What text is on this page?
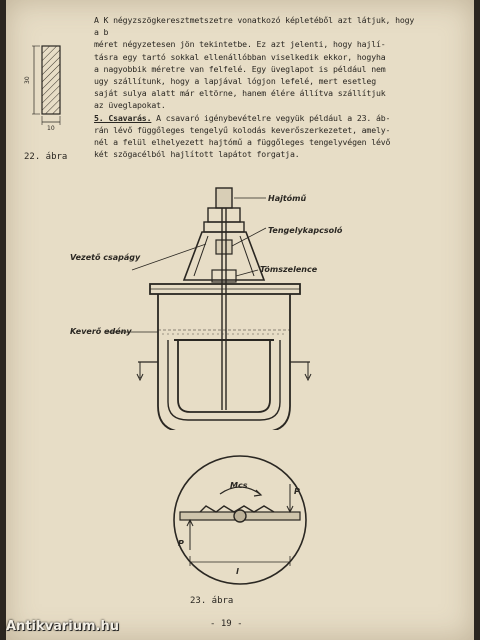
30
10

A K négyzszögkeresztmetszetre vonatkozó képletéből azt látjuk, hogy a b

méret négyzetesen jön tekintetbe. Ez azt jelenti, hogy hajlí-

tásra egy tartó sokkal ellenállóbban viselkedik ekkor, hogyha

a nagyobbik méretre van felfelé. Egy üveglapot is például nem

ugy szállítunk, hogy a lapjával lógjon lefelé, mert esetleg

saját sulya alatt már eltörne, hanem élére állítva szállítjuk

az üveglapokat.

5. Csavarás. A csavaró igénybevételre vegyük például a 23. áb-

rán lévő függőleges tengelyű kolodás keverőszerkezetet, amely-

nél a felül elhelyezett hajtómű a függőleges tengelyvégen lévő

két szögacélból hajlított lapátot forgatja.

22. ábra
Hajtómű
Tengelykapcsoló
Tömszelence
Vezető csapágy
Keverő edény
Mcs
P
P
l
23. ábra
- 19 -
Antikvarium.hu
